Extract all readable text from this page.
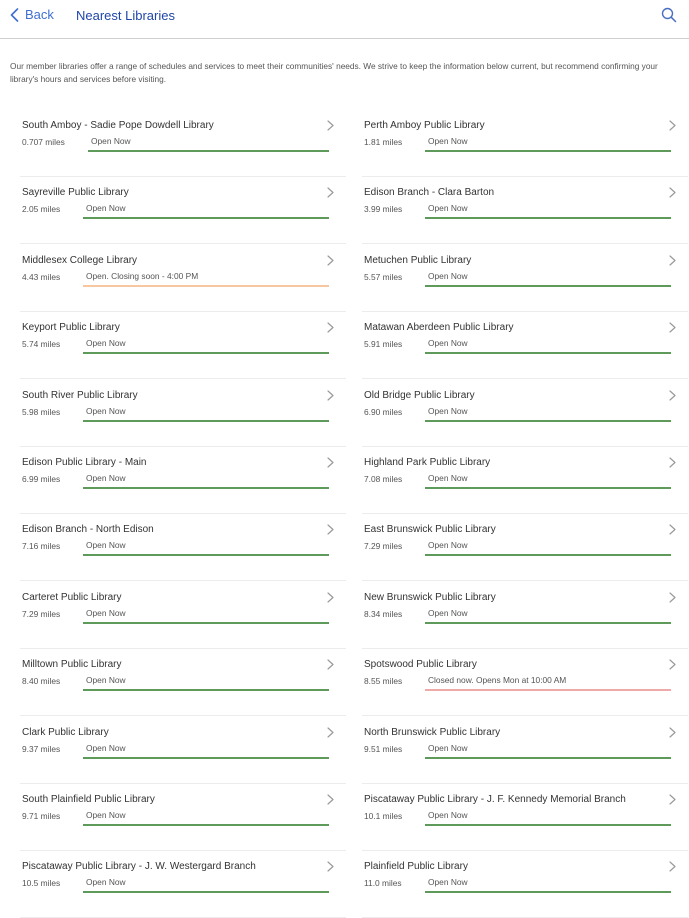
Back Nearest Libraries
Our member libraries offer a range of schedules and services to meet their communities' needs. We strive to keep the information below current, but recommend confirming your library's hours and services before visiting.
South Amboy - Sadie Pope Dowdell Library
0.707 miles	Open Now
Perth Amboy Public Library
1.81 miles	Open Now
Sayreville Public Library
2.05 miles	Open Now
Edison Branch - Clara Barton
3.99 miles	Open Now
Middlesex College Library
4.43 miles	Open. Closing soon - 4:00 PM
Metuchen Public Library
5.57 miles	Open Now
Keyport Public Library
5.74 miles	Open Now
Matawan Aberdeen Public Library
5.91 miles	Open Now
South River Public Library
5.98 miles	Open Now
Old Bridge Public Library
6.90 miles	Open Now
Edison Public Library - Main
6.99 miles	Open Now
Highland Park Public Library
7.08 miles	Open Now
Edison Branch - North Edison
7.16 miles	Open Now
East Brunswick Public Library
7.29 miles	Open Now
Carteret Public Library
7.29 miles	Open Now
New Brunswick Public Library
8.34 miles	Open Now
Milltown Public Library
8.40 miles	Open Now
Spotswood Public Library
8.55 miles	Closed now. Opens Mon at 10:00 AM
Clark Public Library
9.37 miles	Open Now
North Brunswick Public Library
9.51 miles	Open Now
South Plainfield Public Library
9.71 miles	Open Now
Piscataway Public Library - J. F. Kennedy Memorial Branch
10.1 miles	Open Now
Piscataway Public Library - J. W. Westergard Branch
10.5 miles	Open Now
Plainfield Public Library
11.0 miles	Open Now
